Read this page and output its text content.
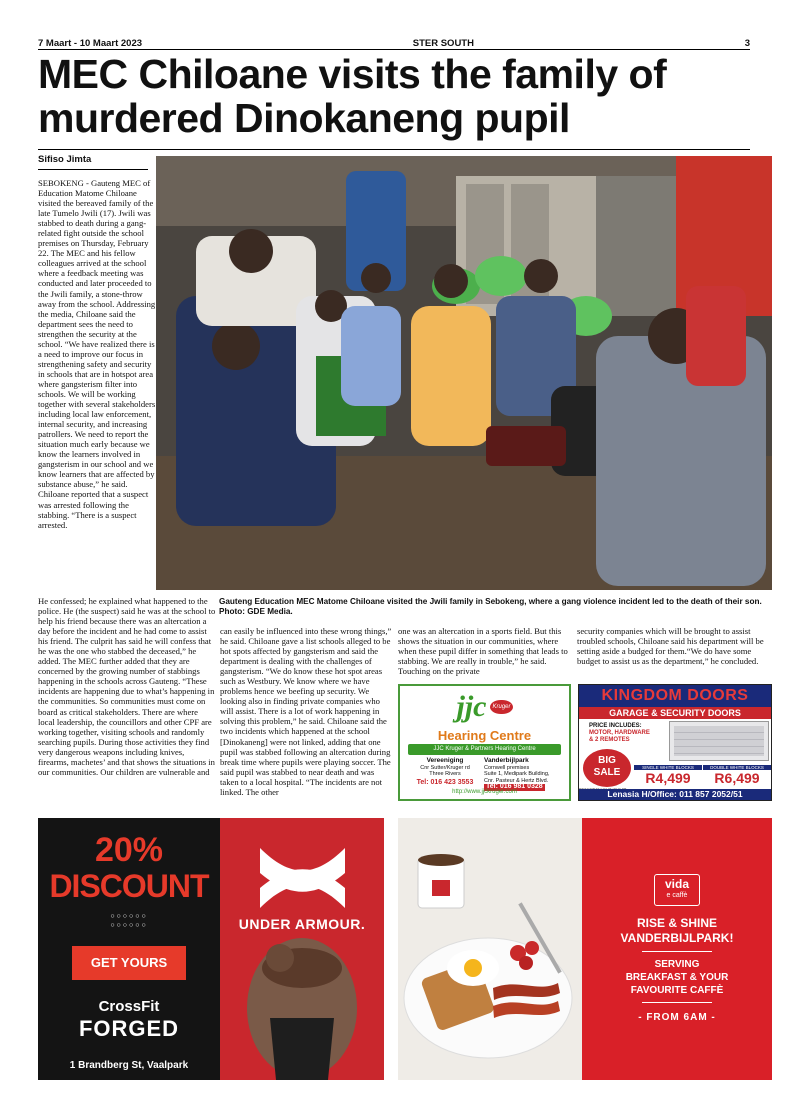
7 Maart - 10 Maart 2023	STER SOUTH	3
MEC Chiloane visits the family of murdered Dinokaneng pupil
Sifiso Jimta
SEBOKENG - Gauteng MEC of Education Matome Chiloane visited the bereaved family of the late Tumelo Jwili (17). Jwili was stabbed to death during a gang-related fight outside the school premises on Thursday, February 22. The MEC and his fellow colleagues arrived at the school where a feedback meeting was conducted and later proceeded to the Jwili family, a stone-throw away from the school. Addressing the media, Chiloane said the department sees the need to strengthen the security at the school. “We have realized there is a need to improve our focus in strengthening safety and security in schools that are in hotspot area where gangsterism filter into schools. We will be working together with several stakeholders including local law enforcement, internal security, and increasing patrollers. We need to report the situation much early because we know the learners involved in gangsterism in our school and we know learners that are affected by substance abuse,” he said. Chiloane reported that a suspect was arrested following the stabbing. “There is a suspect arrested.
Gauteng Education MEC Matome Chiloane visited the Jwili family in Sebokeng, where a gang violence incident led to the death of their son. Photo: GDE Media.
He confessed; he explained what happened to the police. He (the suspect) said he was at the school to help his friend because there was an altercation a day before the incident and he had come to assist his friend. The culprit has said he will confess that he was the one who stabbed the deceased,” he added. The MEC further added that they are concerned by the growing number of stabbings happening in the schools across Gauteng. “These incidents are happening due to what’s happening in the communities. So communities must come on board as critical stakeholders. There are where local leadership, the councillors and other CPF are working together, visiting schools and randomly searching pupils. During those activities they find very dangerous weapons including knives, firearms, machetes’ and that shows the situations in our communities. Our children are vulnerable and
can easily be influenced into these wrong things,” he said. Chiloane gave a list schools alleged to be hot spots affected by gangsterism and said the department is dealing with the challenges of gangsterism. “We do know these hot spot areas such as Westbury. We know where we have problems hence we beefing up security. We looking also in finding private companies who will assist. There is a lot of work happening in solving this problem,” he said. Chiloane said the two incidents which happened at the school [Dinokaneng] were not linked, adding that one pupil was stabbed following an altercation during break time where pupils were playing soccer. The said pupil was stabbed to near death and was taken to a local hospital. “The incidents are not linked. The other
one was an altercation in a sports field. But this shows the situation in our communities, where when these pupil differ in something that leads to stabbing. We are really in trouble,” he said. Touching on the private
security companies which will be brought to assist troubled schools, Chiloane said his department will be setting aside a budged for them.“We do have some budget to assist us as the department,” he concluded.
jjc	Kruger
Hearing Centre
JJC Kruger & Partners Hearing Centre
Vereeniging
Cnr Sutter/Kruger rd
Three Rivers
Tel: 016 423 3553
Vanderbijlpark
Cornwell premises
Suite 1, Medipark Building,
Cnr. Pasteur & Hertz Blvd.
Tel: 016 981 0328
http://www.jjckruger.com
KINGDOM DOORS
GARAGE & SECURITY DOORS
PRICE INCLUDES:
MOTOR, HARDWARE
& 2 REMOTES
BIG
SALE	SINGLE WHITE BLOCKS
R4,499
DOUBLE WHITE BLOCKS
R6,499
Lenasia H/Office: 011 857 2052/51
20%
DISCOUNT
○○○○○○
○○○○○○
GET YOURS
CrossFit
FORGED
1 Brandberg St, Vaalpark
UNDER ARMOUR.
vida
e caffè
RISE & SHINE
VANDERBIJLPARK!
SERVING
BREAKFAST & YOUR
FAVOURITE CAFFÈ
- FROM 6AM -
